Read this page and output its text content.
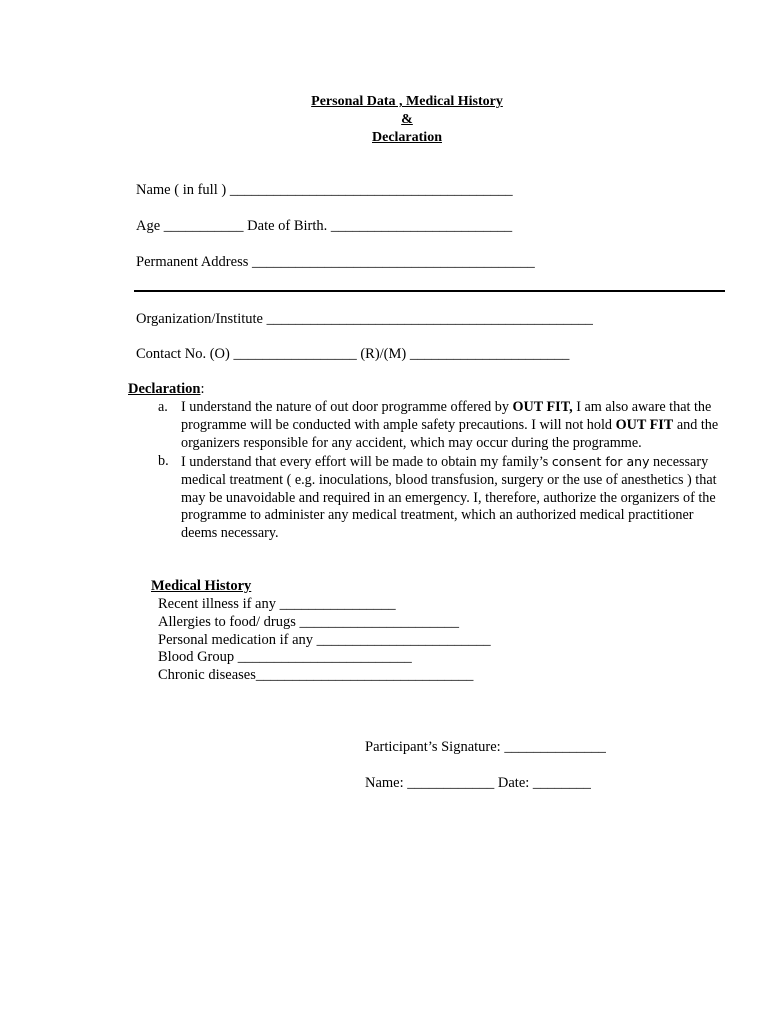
Personal Data , Medical History
&
Declaration
Name ( in full ) _______________________________________
Age ___________ Date of Birth. _________________________
Permanent Address _______________________________________
Organization/Institute _____________________________________________
Contact No. (O) _________________ (R)/(M) ______________________
Declaration:
a. I understand the nature of out door programme offered by OUT FIT, I am also aware that the programme will be conducted with ample safety precautions. I will not hold OUT FIT and the organizers responsible for any accident, which may occur during the programme.
b. I understand that every effort will be made to obtain my family’s consent for any necessary medical treatment ( e.g. inoculations, blood transfusion, surgery or the use of anesthetics ) that may be unavoidable and required in an emergency. I, therefore, authorize the organizers of the programme to administer any medical treatment, which an authorized medical practitioner deems necessary.
Medical History
Recent illness if any ________________
Allergies to food/ drugs ______________________
Personal medication if any ________________________
Blood Group ________________________
Chronic diseases______________________________
Participant’s Signature: ______________
Name: ____________ Date: ________
